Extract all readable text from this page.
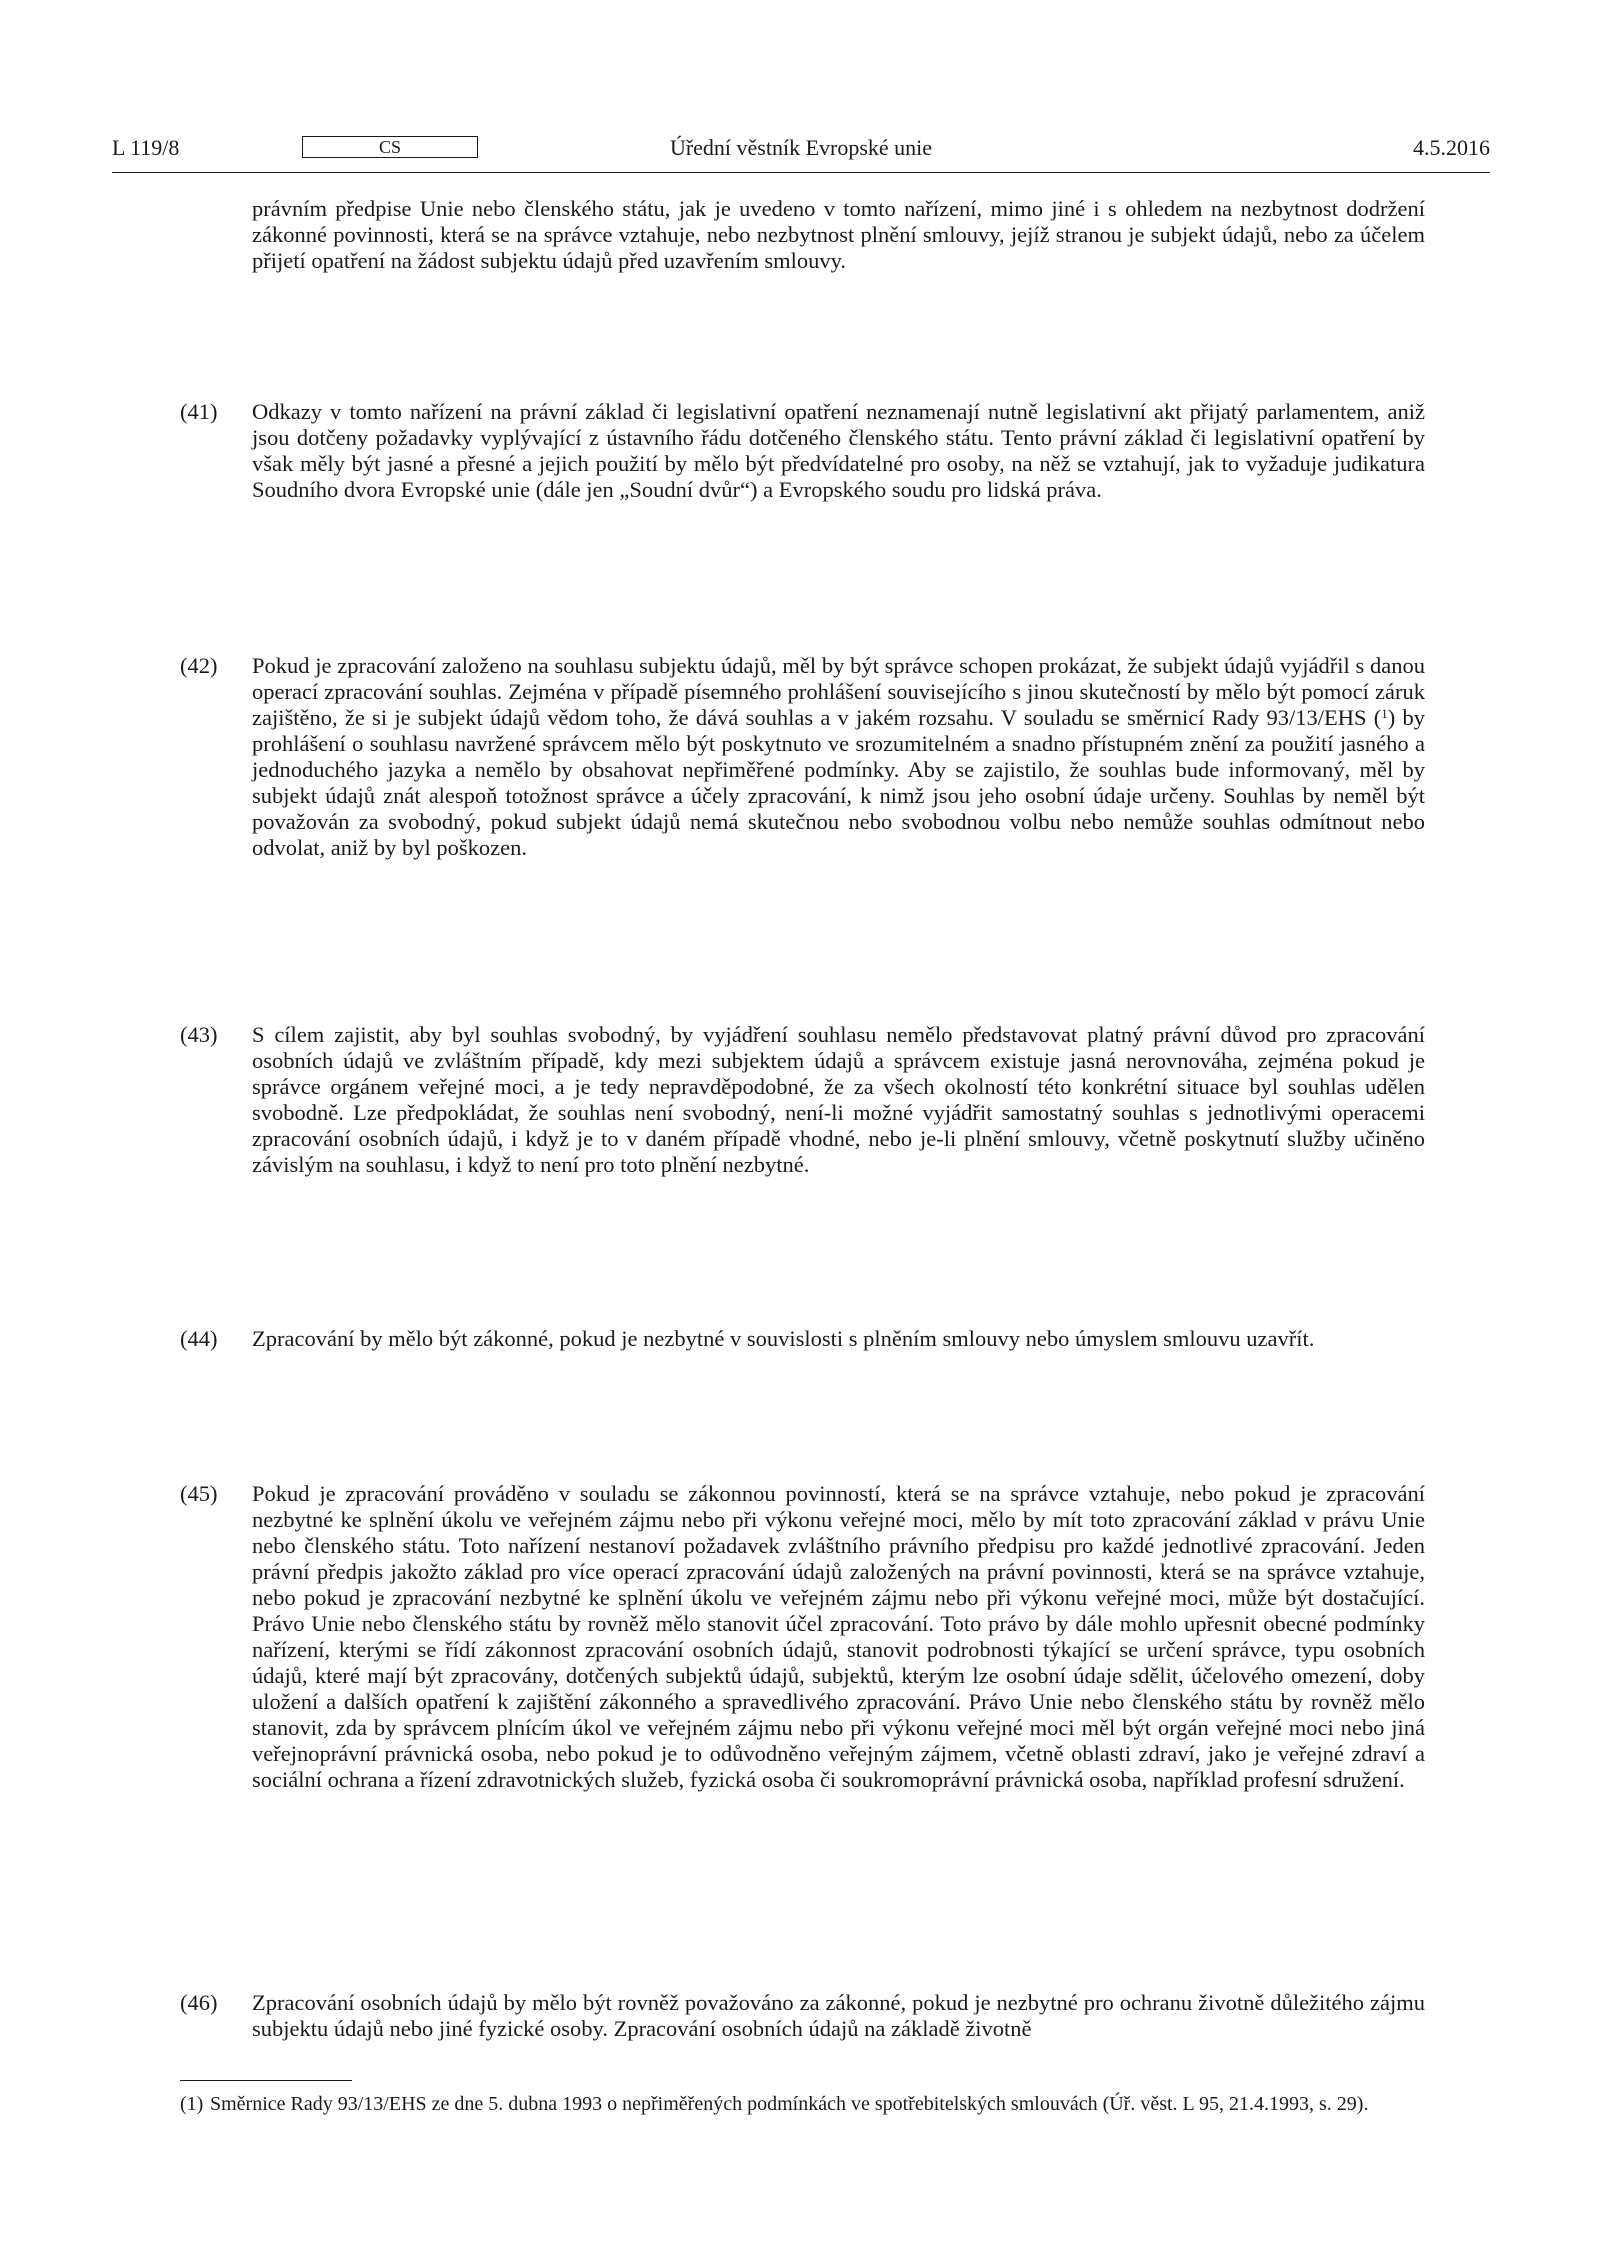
L 119/8	Úřední věstník Evropské unie
CS	4.5.2016

právním předpise Unie nebo členského státu, jak je uvedeno v tomto nařízení, mimo jiné i s ohledem na nezbytnost dodržení zákonné povinnosti, která se na správce vztahuje, nebo nezbytnost plnění smlouvy, jejíž stranou je subjekt údajů, nebo za účelem přijetí opatření na žádost subjektu údajů před uzavřením smlouvy.

(41) Odkazy v tomto nařízení na právní základ či legislativní opatření neznamenají nutně legislativní akt přijatý parlamentem, aniž jsou dotčeny požadavky vyplývající z ústavního řádu dotčeného členského státu. Tento právní základ či legislativní opatření by však měly být jasné a přesné a jejich použití by mělo být předvídatelné pro osoby, na něž se vztahují, jak to vyžaduje judikatura Soudního dvora Evropské unie (dále jen „Soudní dvůr“) a Evropského soudu pro lidská práva.

(42) Pokud je zpracování založeno na souhlasu subjektu údajů, měl by být správce schopen prokázat, že subjekt údajů vyjádřil s danou operací zpracování souhlas. Zejména v případě písemného prohlášení souvisejícího s jinou skutečností by mělo být pomocí záruk zajištěno, že si je subjekt údajů vědom toho, že dává souhlas a v jakém rozsahu. V souladu se směrnicí Rady 93/13/EHS ($^1$) by prohlášení o souhlasu navržené správcem mělo být poskytnuto ve srozumitelném a snadno přístupném znění za použití jasného a jednoduchého jazyka a nemělo by obsahovat nepřiměřené podmínky. Aby se zajistilo, že souhlas bude informovaný, měl by subjekt údajů znát alespoň totožnost správce a účely zpracování, k nimž jsou jeho osobní údaje určeny. Souhlas by neměl být považován za svobodný, pokud subjekt údajů nemá skutečnou nebo svobodnou volbu nebo nemůže souhlas odmítnout nebo odvolat, aniž by byl poškozen.

(43) S cílem zajistit, aby byl souhlas svobodný, by vyjádření souhlasu nemělo představovat platný právní důvod pro zpracování osobních údajů ve zvláštním případě, kdy mezi subjektem údajů a správcem existuje jasná nerovnováha, zejména pokud je správce orgánem veřejné moci, a je tedy nepravděpodobné, že za všech okolností této konkrétní situace byl souhlas udělen svobodně. Lze předpokládat, že souhlas není svobodný, není-li možné vyjádřit samostatný souhlas s jednotlivými operacemi zpracování osobních údajů, i když je to v daném případě vhodné, nebo je-li plnění smlouvy, včetně poskytnutí služby učiněno závislým na souhlasu, i když to není pro toto plnění nezbytné.

(44) Zpracování by mělo být zákonné, pokud je nezbytné v souvislosti s plněním smlouvy nebo úmyslem smlouvu uzavřít.

(45) Pokud je zpracování prováděno v souladu se zákonnou povinností, která se na správce vztahuje, nebo pokud je zpracování nezbytné ke splnění úkolu ve veřejném zájmu nebo při výkonu veřejné moci, mělo by mít toto zpracování základ v právu Unie nebo členského státu. Toto nařízení nestanoví požadavek zvláštního právního předpisu pro každé jednotlivé zpracování. Jeden právní předpis jakožto základ pro více operací zpracování údajů založených na právní povinnosti, která se na správce vztahuje, nebo pokud je zpracování nezbytné ke splnění úkolu ve veřejném zájmu nebo při výkonu veřejné moci, může být dostačující. Právo Unie nebo členského státu by rovněž mělo stanovit účel zpracování. Toto právo by dále mohlo upřesnit obecné podmínky nařízení, kterými se řídí zákonnost zpracování osobních údajů, stanovit podrobnosti týkající se určení správce, typu osobních údajů, které mají být zpracovány, dotčených subjektů údajů, subjektů, kterým lze osobní údaje sdělit, účelového omezení, doby uložení a dalších opatření k zajištění zákonného a spravedlivého zpracování. Právo Unie nebo členského státu by rovněž mělo stanovit, zda by správcem plnícím úkol ve veřejném zájmu nebo při výkonu veřejné moci měl být orgán veřejné moci nebo jiná veřejnoprávní právnická osoba, nebo pokud je to odůvodněno veřejným zájmem, včetně oblasti zdraví, jako je veřejné zdraví a sociální ochrana a řízení zdravotnických služeb, fyzická osoba či soukromoprávní právnická osoba, například profesní sdružení.

(46) Zpracování osobních údajů by mělo být rovněž považováno za zákonné, pokud je nezbytné pro ochranu životně důležitého zájmu subjektu údajů nebo jiné fyzické osoby. Zpracování osobních údajů na základě životně

(1) Směrnice Rady 93/13/EHS ze dne 5. dubna 1993 o nepřiměřených podmínkách ve spotřebitelských smlouvách (Úř. věst. L 95, 21.4.1993, s. 29).
